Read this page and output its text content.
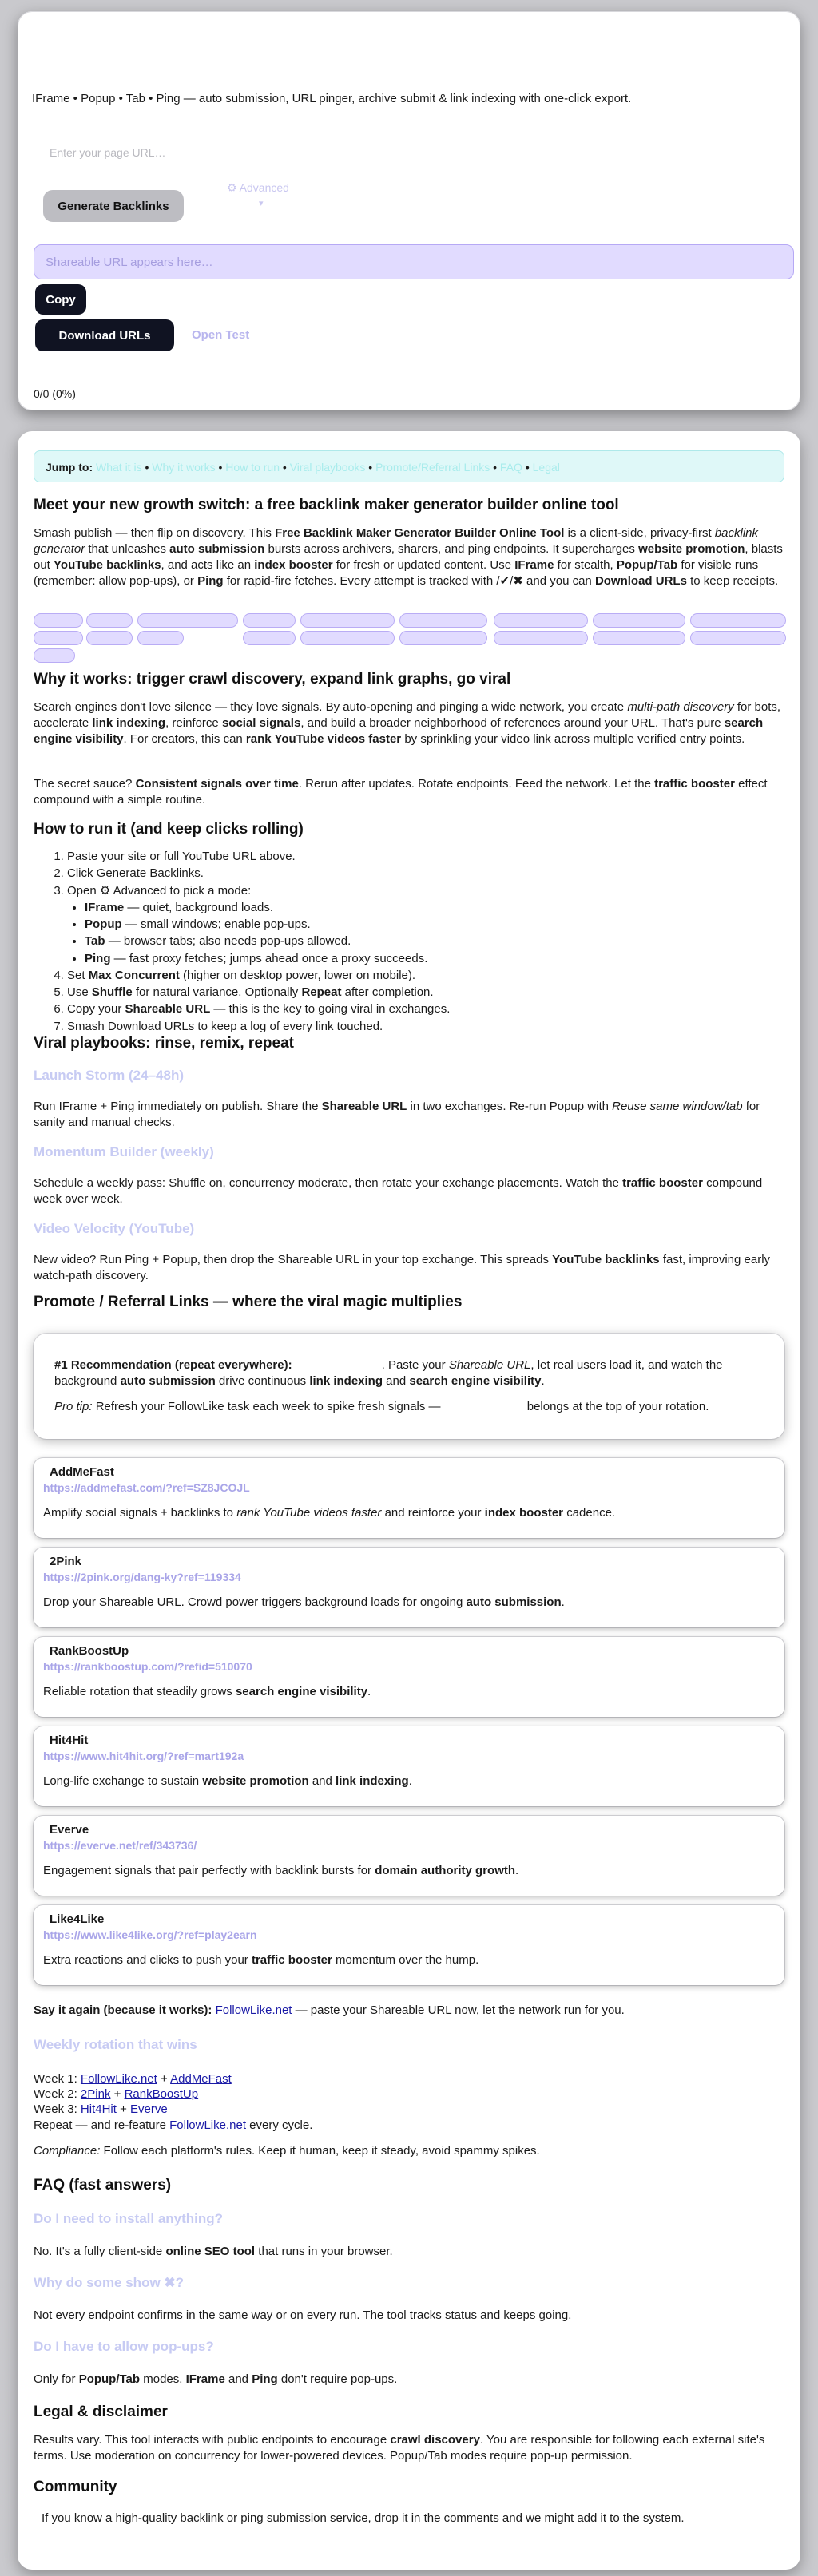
IFrame • Popup • Tab • Ping — auto submission, URL pinger, archive submit & link indexing with one-click export.
Enter your page URL…
Generate Backlinks
⚙ Advanced
▾
Shareable URL appears here…
Copy
Download URLs	Open Test
0/0 (0%)
Jump to: What it is • Why it works • How to run • Viral playbooks • Promote/Referral Links • FAQ • Legal
Meet your new growth switch: a free backlink maker generator builder online tool

Smash publish — then flip on discovery. This Free Backlink Maker Generator Builder Online Tool is a client-side, privacy-first backlink generator that unleashes auto submission bursts across archivers, sharers, and ping endpoints. It supercharges website promotion, blasts out YouTube backlinks, and acts like an index booster for fresh or updated content. Use IFrame for stealth, Popup/Tab for visible runs (remember: allow pop-ups), or Ping for rapid-fire fetches. Every attempt is tracked with /✔/✖ and you can Download URLs to keep receipts.

Why it works: trigger crawl discovery, expand link graphs, go viral

Search engines don't love silence — they love signals. By auto-opening and pinging a wide network, you create multi-path discovery for bots, accelerate link indexing, reinforce social signals, and build a broader neighborhood of references around your URL. That's pure search engine visibility. For creators, this can rank YouTube videos faster by sprinkling your video link across multiple verified entry points.

The secret sauce? Consistent signals over time. Rerun after updates. Rotate endpoints. Feed the network. Let the traffic booster effect compound with a simple routine.

How to run it (and keep clicks rolling)
1. Paste your site or full YouTube URL above.
2. Click Generate Backlinks.
3. Open ⚙ Advanced to pick a mode:
• IFrame — quiet, background loads.
• Popup — small windows; enable pop-ups.
• Tab — browser tabs; also needs pop-ups allowed.
• Ping — fast proxy fetches; jumps ahead once a proxy succeeds.
4. Set Max Concurrent (higher on desktop power, lower on mobile).
5. Use Shuffle for natural variance. Optionally Repeat after completion.
6. Copy your Shareable URL — this is the key to going viral in exchanges.
7. Smash Download URLs to keep a log of every link touched.
Viral playbooks: rinse, remix, repeat
Launch Storm (24–48h)

Run IFrame + Ping immediately on publish. Share the Shareable URL in two exchanges. Re-run Popup with Reuse same window/tab for sanity and manual checks.

Momentum Builder (weekly)

Schedule a weekly pass: Shuffle on, concurrency moderate, then rotate your exchange placements. Watch the traffic booster compound week over week.

Video Velocity (YouTube)

New video? Run Ping + Popup, then drop the Shareable URL in your top exchange. This spreads YouTube backlinks fast, improving early watch-path discovery.

Promote / Referral Links — where the viral magic multiplies

#1 Recommendation (repeat everywhere):	. Paste your Shareable URL, let real users load it, and watch the background auto submission drive continuous link indexing and search engine visibility.

Pro tip: Refresh your FollowLike task each week to spike fresh signals —	belongs at the top of your rotation.

AddMeFast
https://addmefast.com/?ref=SZ8JCOJL
Amplify social signals + backlinks to rank YouTube videos faster and reinforce your index booster cadence.
2Pink
https://2pink.org/dang-ky?ref=119334
Drop your Shareable URL. Crowd power triggers background loads for ongoing auto submission.
RankBoostUp
https://rankboostup.com/?refid=510070
Reliable rotation that steadily grows search engine visibility.
Hit4Hit
https://www.hit4hit.org/?ref=mart192a
Long-life exchange to sustain website promotion and link indexing.
Everve
https://everve.net/ref/343736/
Engagement signals that pair perfectly with backlink bursts for domain authority growth.
Like4Like
https://www.like4like.org/?ref=play2earn
Extra reactions and clicks to push your traffic booster momentum over the hump.

Say it again (because it works): FollowLike.net — paste your Shareable URL now, let the network run for you.

Weekly rotation that wins
Week 1: FollowLike.net + AddMeFast
Week 2: 2Pink + RankBoostUp
Week 3: Hit4Hit + Everve
Repeat — and re-feature FollowLike.net every cycle.

Compliance: Follow each platform's rules. Keep it human, keep it steady, avoid spammy spikes.

FAQ (fast answers)
Do I need to install anything?

No. It's a fully client-side online SEO tool that runs in your browser.

Why do some show ✖?

Not every endpoint confirms in the same way or on every run. The tool tracks status and keeps going.

Do I have to allow pop-ups?

Only for Popup/Tab modes. IFrame and Ping don't require pop-ups.

Legal & disclaimer

Results vary. This tool interacts with public endpoints to encourage crawl discovery. You are responsible for following each external site's terms. Use moderation on concurrency for lower-powered devices. Popup/Tab modes require pop-up permission.

Community

If you know a high-quality backlink or ping submission service, drop it in the comments and we might add it to the system.
